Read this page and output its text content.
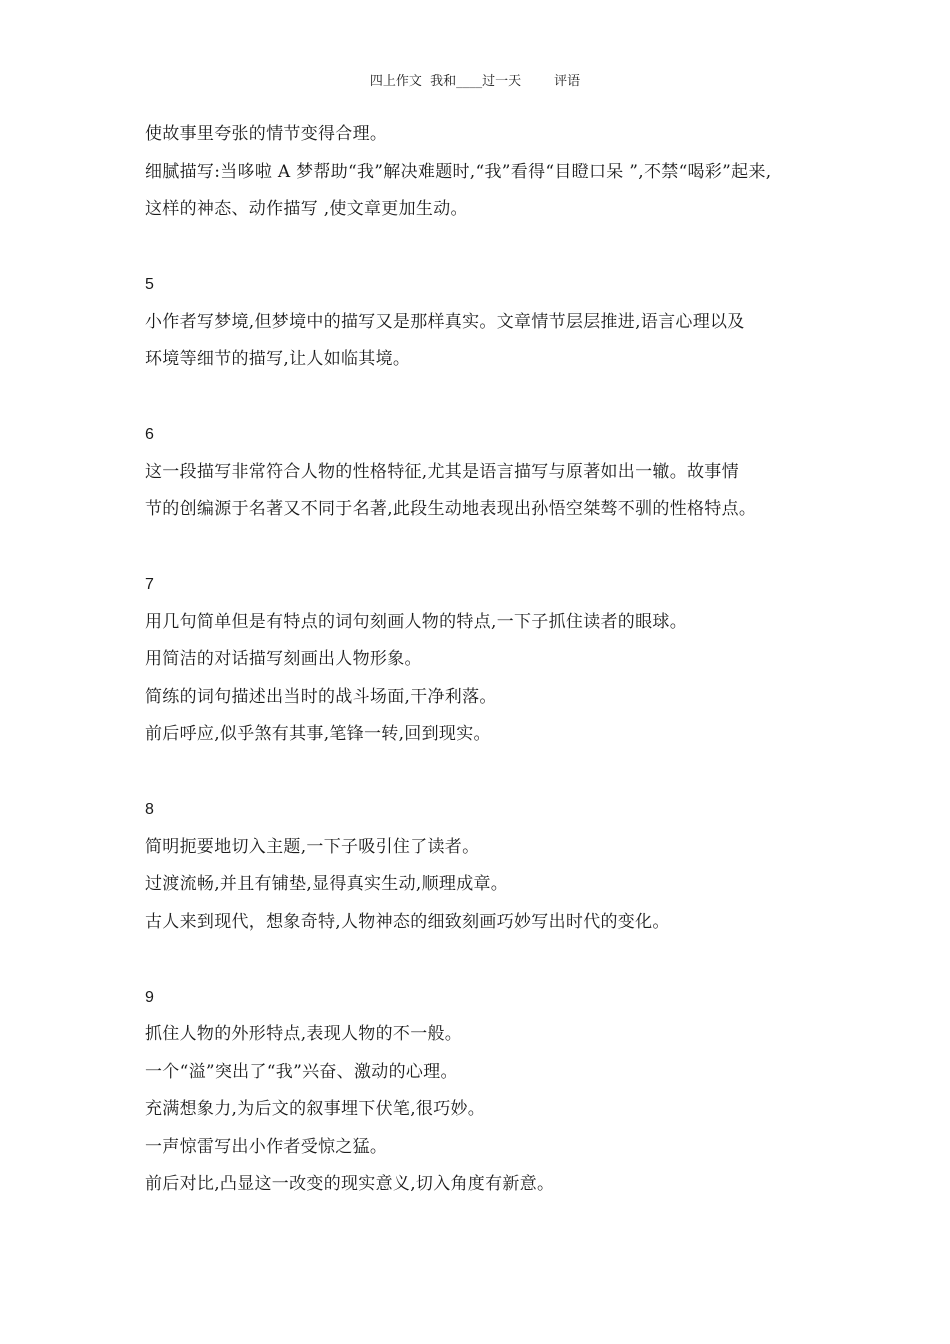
四上作文  我和____过一天        评语
使故事里夸张的情节变得合理。
细腻描写:当哆啦 A 梦帮助“我”解决难题时,“我”看得“目瞪口呆 ”,不禁“喝彩”起来,
这样的神态、动作描写 ,使文章更加生动。
5
小作者写梦境,但梦境中的描写又是那样真实。文章情节层层推进,语言心理以及
环境等细节的描写,让人如临其境。
6
这一段描写非常符合人物的性格特征,尤其是语言描写与原著如出一辙。故事情
节的创编源于名著又不同于名著,此段生动地表现出孙悟空桀骜不驯的性格特点。
7
用几句简单但是有特点的词句刻画人物的特点,一下子抓住读者的眼球。
用简洁的对话描写刻画出人物形象。
简练的词句描述出当时的战斗场面,干净利落。
前后呼应,似乎煞有其事,笔锋一转,回到现实。
8
简明扼要地切入主题,一下子吸引住了读者。
过渡流畅,并且有铺垫,显得真实生动,顺理成章。
古人来到现代，想象奇特,人物神态的细致刻画巧妙写出时代的变化。
9
抓住人物的外形特点,表现人物的不一般。
一个“溢”突出了“我”兴奋、激动的心理。
充满想象力,为后文的叙事埋下伏笔,很巧妙。
一声惊雷写出小作者受惊之猛。
前后对比,凸显这一改变的现实意义,切入角度有新意。
